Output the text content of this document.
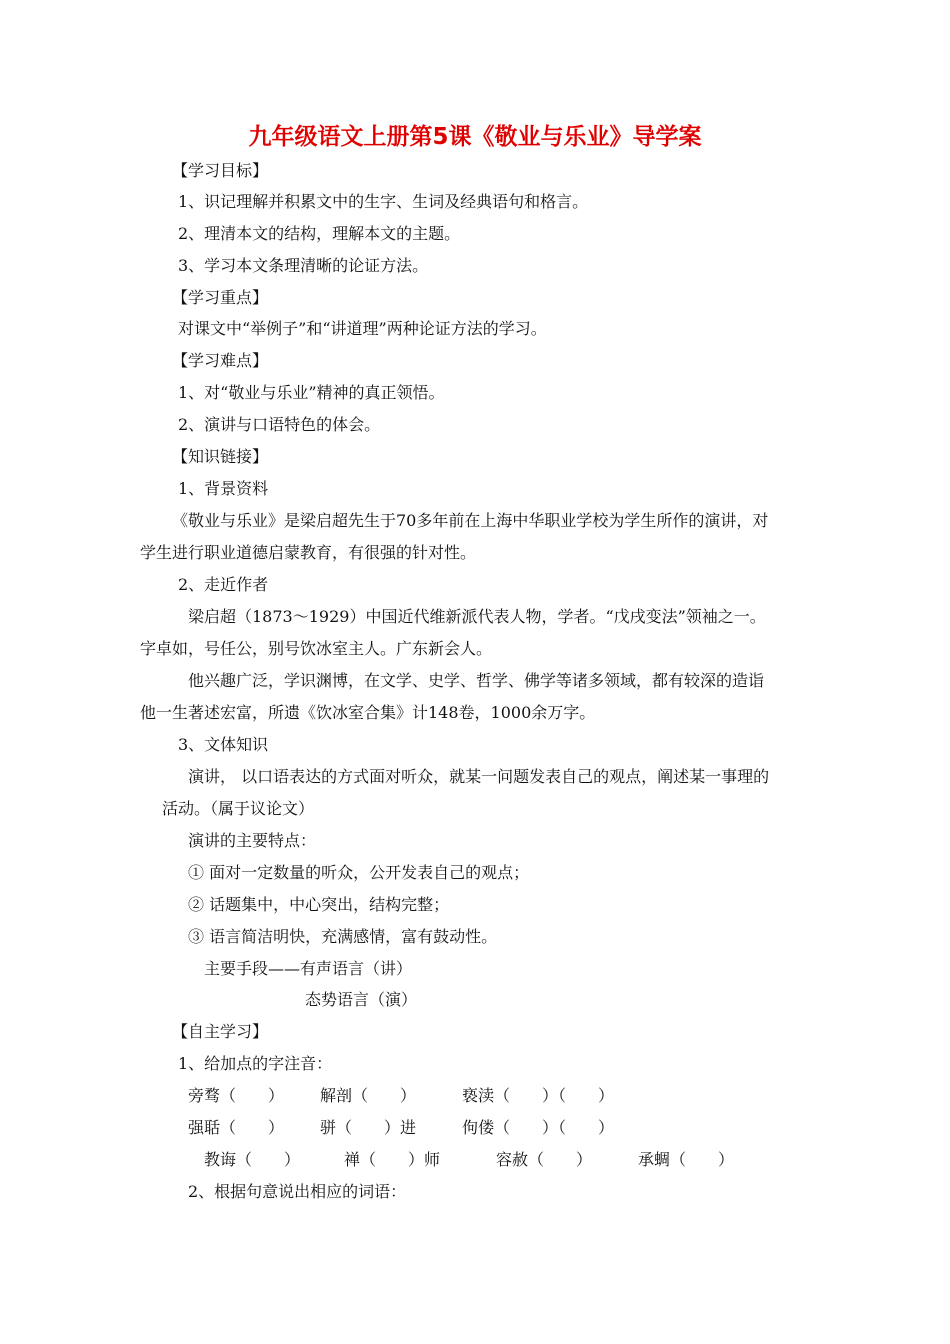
九年级语文上册第5课《敬业与乐业》导学案
【学习目标】
1、识记理解并积累文中的生字、生词及经典语句和格言。
2、理清本文的结构，理解本文的主题。
3、学习本文条理清晰的论证方法。
【学习重点】
对课文中“举例子”和“讲道理”两种论证方法的学习。
【学习难点】
1、对“敬业与乐业”精神的真正领悟。
2、演讲与口语特色的体会。
【知识链接】
1、背景资料
《敬业与乐业》是梁启超先生于70多年前在上海中华职业学校为学生所作的演讲，对
学生进行职业道德启蒙教育，有很强的针对性。
2、走近作者
梁启超（1873～1929）中国近代维新派代表人物，学者。“戊戌变法”领袖之一。
字卓如，号任公，别号饮冰室主人。广东新会人。
他兴趣广泛，学识渊博，在文学、史学、哲学、佛学等诸多领域，都有较深的造诣
他一生著述宏富，所遗《饮冰室合集》计148卷，1000余万字。
3、文体知识
演讲， 以口语表达的方式面对听众，就某一问题发表自己的观点，阐述某一事理的
活动。（属于议论文）
演讲的主要特点：
① 面对一定数量的听众，公开发表自己的观点；
② 话题集中，中心突出，结构完整；
③ 语言简洁明快，充满感情，富有鼓动性。
主要手段——有声语言（讲）
态势语言（演）
【自主学习】
1、给加点的字注音：
旁骛（　　） 解剖（　　）	亵渎（　　）（　　）
强聒（　　） 骈（　　）进	佝偻（　　）（　　）
教诲（　　）	禅（　　）师	容赦（　　）	承蜩（　　）
2、根据句意说出相应的词语：
